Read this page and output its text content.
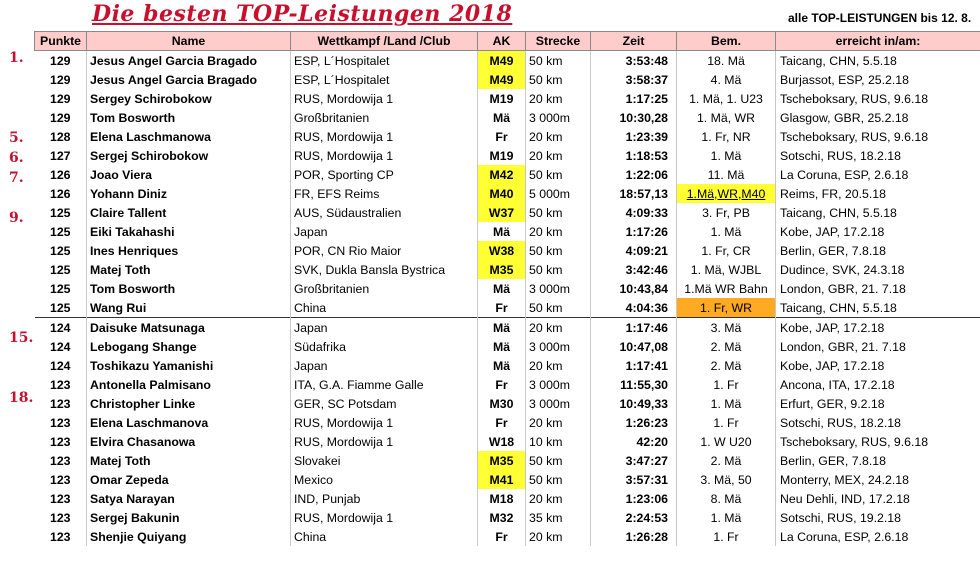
Die besten TOP-Leistungen 2018	alle TOP-LEISTUNGEN bis 12. 8.
1.
5.
6.
7.
9.
15.
18.
Punkte	Name	Wettkampf /Land /Club	AK	Strecke	Zeit	Bem.	erreicht in/am:
129	Jesus Angel Garcia Bragado	ESP, L´Hospitalet	M49	50 km	3:53:48	18. Mä	Taicang, CHN, 5.5.18
129	Jesus Angel Garcia Bragado	ESP, L´Hospitalet	M49	50 km	3:58:37	4. Mä	Burjassot, ESP, 25.2.18
129	Sergey Schirobokow	RUS, Mordowija 1	M19	20 km	1:17:25	1. Mä, 1. U23	Tscheboksary, RUS, 9.6.18
129	Tom Bosworth	Großbritanien	Mä	3 000m	10:30,28	1. Mä, WR	Glasgow, GBR, 25.2.18
128	Elena Laschmanowa	RUS, Mordowija 1	Fr	20 km	1:23:39	1. Fr, NR	Tscheboksary, RUS, 9.6.18
127	Sergej Schirobokow	RUS, Mordowija 1	M19	20 km	1:18:53	1. Mä	Sotschi, RUS, 18.2.18
126	Joao Viera	POR, Sporting CP	M42	50 km	1:22:06	11. Mä	La Coruna, ESP, 2.6.18
126	Yohann Diniz	FR, EFS Reims	M40	5 000m	18:57,13	1.Mä,WR,M40	Reims, FR, 20.5.18
125	Claire Tallent	AUS, Südaustralien	W37	50 km	4:09:33	3. Fr, PB	Taicang, CHN, 5.5.18
125	Eiki Takahashi	Japan	Mä	20 km	1:17:26	1. Mä	Kobe, JAP, 17.2.18
125	Ines Henriques	POR, CN Rio Maior	W38	50 km	4:09:21	1. Fr, CR	Berlin, GER, 7.8.18
125	Matej Toth	SVK, Dukla Bansla Bystrica	M35	50 km	3:42:46	1. Mä, WJBL	Dudince, SVK, 24.3.18
125	Tom Bosworth	Großbritanien	Mä	3 000m	10:43,84	1.Mä WR Bahn	London, GBR, 21. 7.18
125	Wang Rui	China	Fr	50 km	4:04:36	1. Fr, WR	Taicang, CHN, 5.5.18
124	Daisuke Matsunaga	Japan	Mä	20 km	1:17:46	3. Mä	Kobe, JAP, 17.2.18
124	Lebogang Shange	Südafrika	Mä	3 000m	10:47,08	2. Mä	London, GBR, 21. 7.18
124	Toshikazu Yamanishi	Japan	Mä	20 km	1:17:41	2. Mä	Kobe, JAP, 17.2.18
123	Antonella Palmisano	ITA, G.A. Fiamme Galle	Fr	3 000m	11:55,30	1. Fr	Ancona, ITA, 17.2.18
123	Christopher Linke	GER, SC Potsdam	M30	3 000m	10:49,33	1. Mä	Erfurt, GER, 9.2.18
123	Elena Laschmanova	RUS, Mordowija 1	Fr	20 km	1:26:23	1. Fr	Sotschi, RUS, 18.2.18
123	Elvira Chasanowa	RUS, Mordowija 1	W18	10 km	42:20	1. W U20	Tscheboksary, RUS, 9.6.18
123	Matej Toth	Slovakei	M35	50 km	3:47:27	2. Mä	Berlin, GER, 7.8.18
123	Omar Zepeda	Mexico	M41	50 km	3:57:31	3. Mä, 50	Monterry, MEX, 24.2.18
123	Satya Narayan	IND, Punjab	M18	20 km	1:23:06	8. Mä	Neu Dehli, IND, 17.2.18
123	Sergej Bakunin	RUS, Mordowija 1	M32	35 km	2:24:53	1. Mä	Sotschi, RUS, 19.2.18
123	Shenjie Quiyang	China	Fr	20 km	1:26:28	1. Fr	La Coruna, ESP, 2.6.18
